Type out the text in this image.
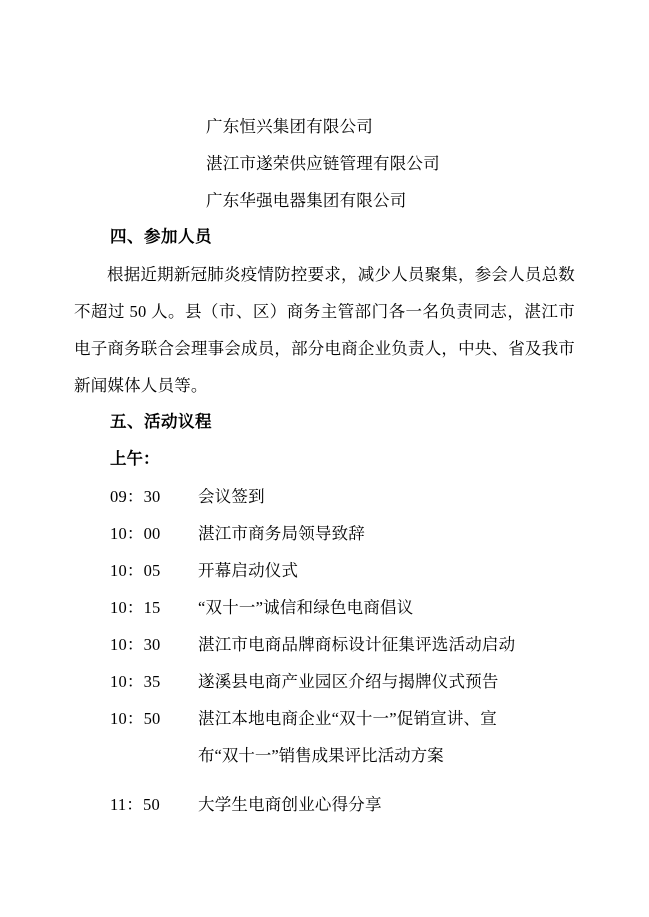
广东恒兴集团有限公司
湛江市遂荣供应链管理有限公司
广东华强电器集团有限公司
四、参加人员
根据近期新冠肺炎疫情防控要求，减少人员聚集，参会人员总数不超过 50 人。县（市、区）商务主管部门各一名负责同志，湛江市电子商务联合会理事会成员，部分电商企业负责人，中央、省及我市新闻媒体人员等。
五、活动议程
上午：
09：30	会议签到
10：00	湛江市商务局领导致辞
10：05	开幕启动仪式
10：15	“双十一”诚信和绿色电商倡议
10：30	湛江市电商品牌商标设计征集评选活动启动
10：35	遂溪县电商产业园区介绍与揭牌仪式预告
10：50	湛江本地电商企业“双十一”促销宣讲、宣
布“双十一”销售成果评比活动方案
11：50	大学生电商创业心得分享
